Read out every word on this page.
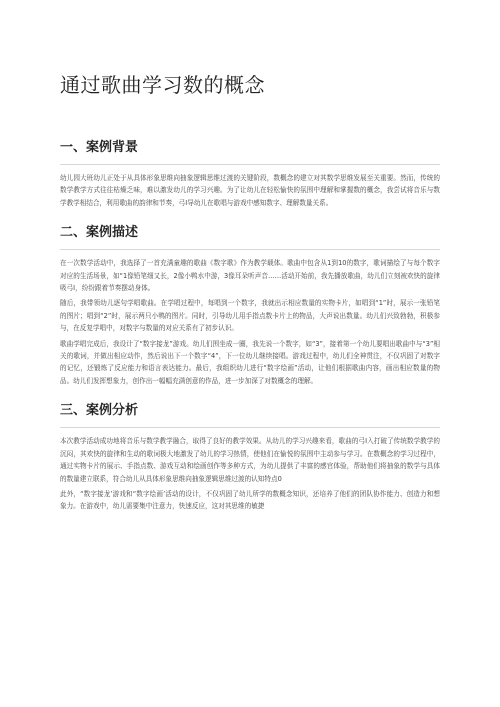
通过歌曲学习数的概念
一、案例背景

幼儿园大班幼儿正处于从具体形象思维向抽象逻辑思维过渡的关键阶段，数概念的建立对其数学思维发展至关重要。然而，传统的数学教学方式往往枯燥乏味，难以激发幼儿的学习兴趣。为了让幼儿在轻松愉快的氛围中理解和掌握数的概念，我尝试将音乐与数学教学相结合，利用歌曲的韵律和节奏，弓I导幼儿在歌唱与游戏中感知数字、理解数量关系。

二、案例描述

在一次数学活动中，我选择了一首充满童趣的歌曲《数字歌》作为教学载体。歌曲中包含从1到10的数字，歌词描绘了与每个数字对应的生活场景，如“1像铅笔细又长，2像小鸭水中游，3像耳朵听声音……活动开始前，我先播放歌曲，幼儿们立刻被欢快的旋律吸弓I，纷纷跟着节奏摆动身体。

随后，我带领幼儿逐句学唱歌曲。在学唱过程中，每唱到一个数字，我就出示相应数量的实物卡片，如唱到“1”时，展示一张铅笔的图片；唱到“2”时，展示两只小鸭的图片。同时，引导幼儿用手指点数卡片上的物品，大声说出数量。幼儿们兴致勃勃，积极参与，在反复学唱中，对数字与数量的对应关系有了初步认识。

歌曲学唱完成后，我设计了“数字接龙”游戏。幼儿们围坐成一圈，我先说一个数字，如“3”，接着第一个幼儿要唱出歌曲中与“3”相关的歌词，并做出相应动作，然后说出下一个数字“4”，下一位幼儿继续接唱。游戏过程中，幼儿们全神贯注，不仅巩固了对数字的记忆，还锻炼了反应能力和语言表达能力。最后，我组织幼儿进行“数字绘画”活动，让他们根据歌曲内容，画出相应数量的物品。幼儿们发挥想象力，创作出一幅幅充满创意的作品，进一步加深了对数概念的理解。

三、案例分析

本次教学活动成功地将音乐与数学教学融合，取得了良好的教学效果。从幼儿的学习兴趣来看，歌曲的弓I入打破了传统数学教学的沉闷，其欢快的旋律和生动的歌词极大地激发了幼儿的学习热情，使他们在愉悦的氛围中主动参与学习。在数概念的学习过程中，通过实物卡片的展示、手指点数、游戏互动和绘画创作等多种方式，为幼儿提供了丰富的感官体验，帮助他们将抽象的数学与具体的数量建立联系，符合幼儿从具体形象思维向抽象逻辑思维过渡的认知特点0

此外，“数字接龙’游戏和“数字绘画’活动的设计，不仅巩固了幼儿所学的数概念知识，还培养了他们的团队协作能力、创造力和想象力。在游戏中，幼儿需要集中注意力，快速反应，这对其思维的敏捷
